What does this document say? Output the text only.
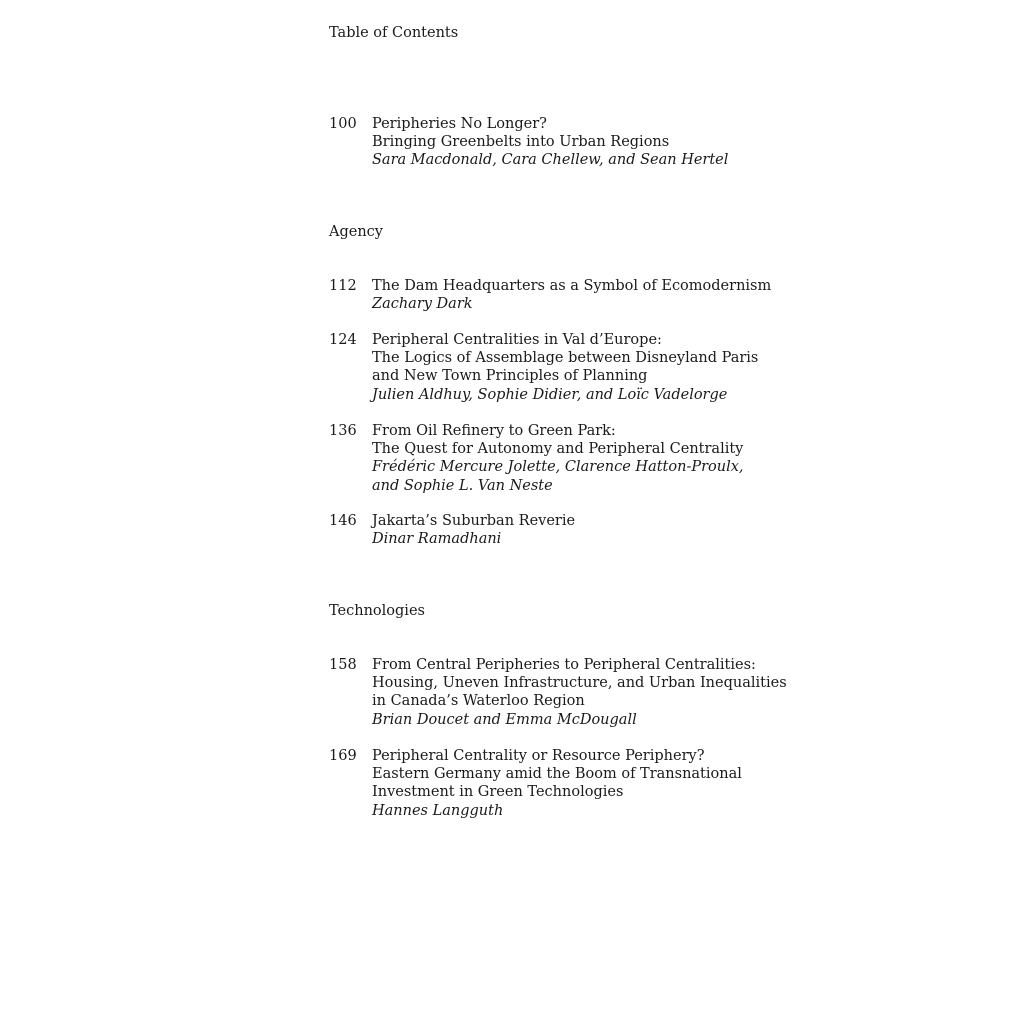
Table of Contents
100	Peripheries No Longer?
Bringing Greenbelts into Urban Regions
Sara Macdonald, Cara Chellew, and Sean Hertel
Agency
112	The Dam Headquarters as a Symbol of Ecomodernism
Zachary Dark
124	Peripheral Centralities in Val d’Europe:
The Logics of Assemblage between Disneyland Paris
and New Town Principles of Planning
Julien Aldhuy, Sophie Didier, and Loïc Vadelorge
136	From Oil Refinery to Green Park:
The Quest for Autonomy and Peripheral Centrality
Frédéric Mercure Jolette, Clarence Hatton-Proulx,
and Sophie L. Van Neste
146	Jakarta’s Suburban Reverie
Dinar Ramadhani
Technologies
158	From Central Peripheries to Peripheral Centralities:
Housing, Uneven Infrastructure, and Urban Inequalities
in Canada’s Waterloo Region
Brian Doucet and Emma McDougall
169	Peripheral Centrality or Resource Periphery?
Eastern Germany amid the Boom of Transnational
Investment in Green Technologies
Hannes Langguth
